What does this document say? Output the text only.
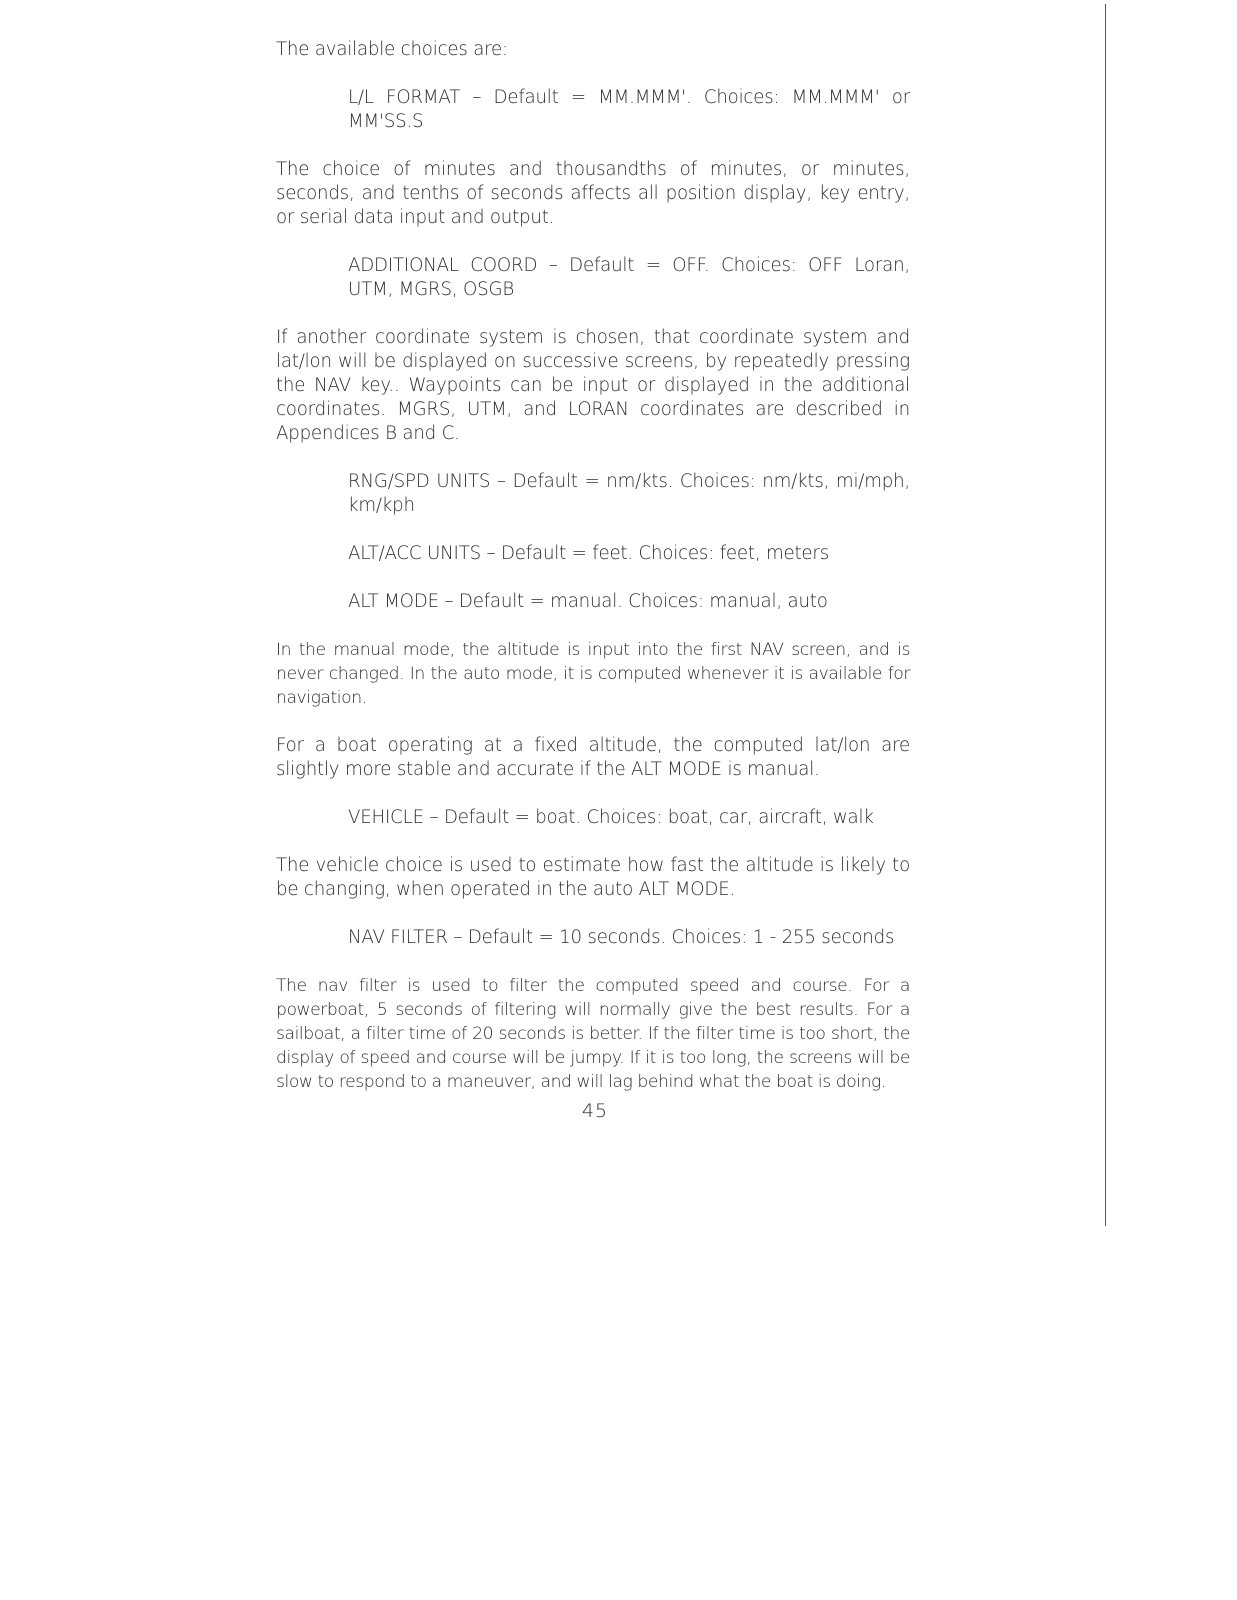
The available choices are:

L/L FORMAT – Default = MM.MMM'. Choices: MM.MMM' or MM'SS.S

The choice of minutes and thousandths of minutes, or minutes, seconds, and tenths of seconds affects all position display, key entry, or serial data input and output.

ADDITIONAL COORD – Default = OFF. Choices: OFF Loran, UTM, MGRS, OSGB

If another coordinate system is chosen, that coordinate system and lat/lon will be displayed on successive screens, by repeatedly pressing the NAV key.. Waypoints can be input or displayed in the additional coordinates. MGRS, UTM, and LORAN coordinates are described in Appendices B and C.

RNG/SPD UNITS – Default = nm/kts. Choices: nm/kts, mi/mph, km/kph

ALT/ACC UNITS – Default = feet. Choices: feet, meters

ALT MODE – Default = manual. Choices: manual, auto

In the manual mode, the altitude is input into the first NAV screen, and is never changed. In the auto mode, it is computed whenever it is available for navigation.

For a boat operating at a fixed altitude, the computed lat/lon are slightly more stable and accurate if the ALT MODE is manual.

VEHICLE – Default = boat. Choices: boat, car, aircraft, walk

The vehicle choice is used to estimate how fast the altitude is likely to be changing, when operated in the auto ALT MODE.

NAV FILTER – Default = 10 seconds. Choices: 1 - 255 seconds

The nav filter is used to filter the computed speed and course. For a powerboat, 5 seconds of filtering will normally give the best results. For a sailboat, a filter time of 20 seconds is better. If the filter time is too short, the display of speed and course will be jumpy. If it is too long, the screens will be slow to respond to a maneuver, and will lag behind what the boat is doing.

45
